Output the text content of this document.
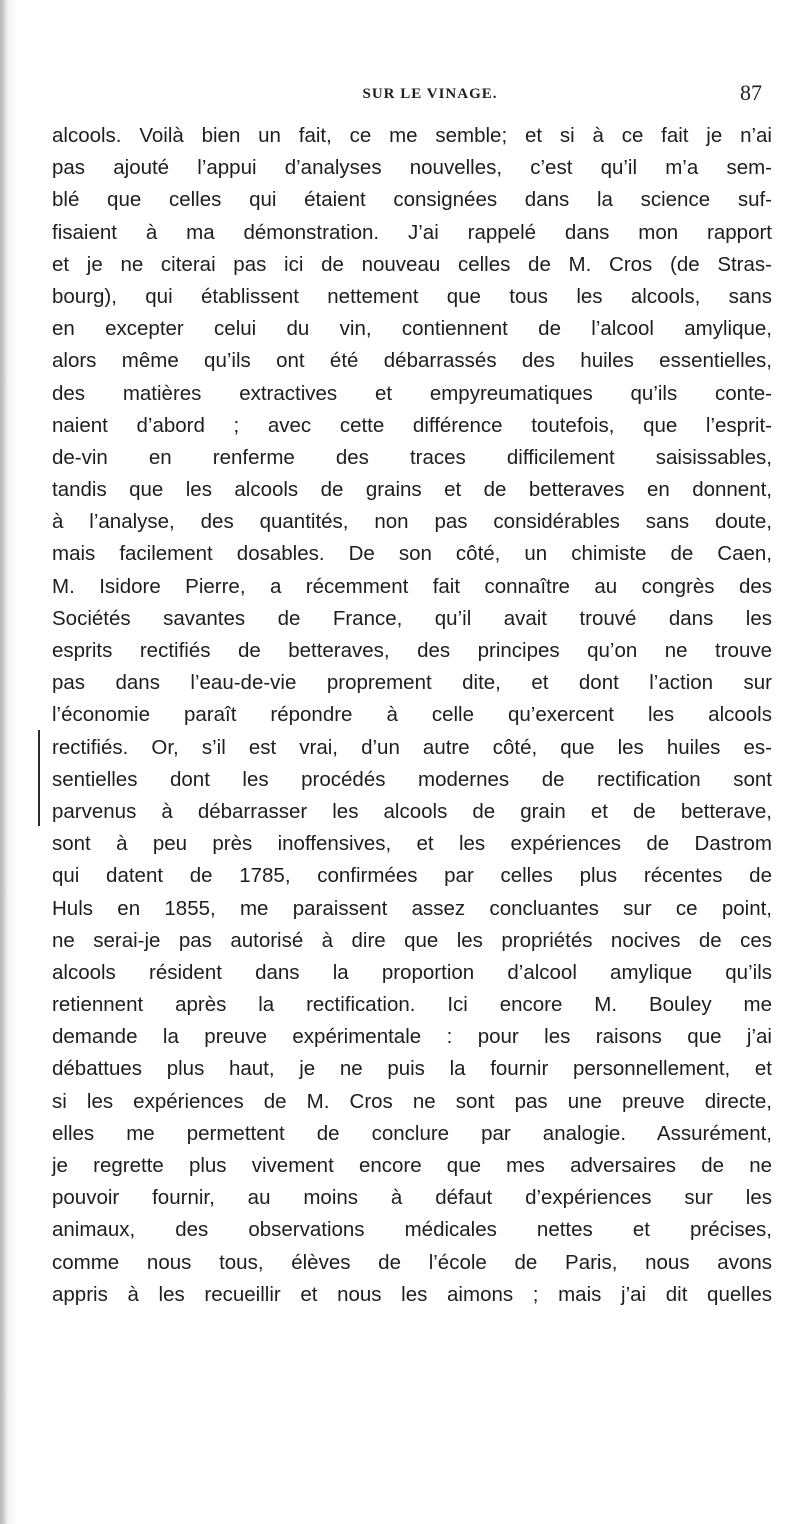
SUR LE VINAGE.	87
alcools. Voilà bien un fait, ce me semble; et si à ce fait je n’ai
pas ajouté l’appui d’analyses nouvelles, c’est qu’il m’a sem-
blé que celles qui étaient consignées dans la science suf-
fisaient à ma démonstration. J’ai rappelé dans mon rapport
et je ne citerai pas ici de nouveau celles de M. Cros (de Stras-
bourg), qui établissent nettement que tous les alcools, sans
en excepter celui du vin, contiennent de l’alcool amylique,
alors même qu’ils ont été débarrassés des huiles essentielles,
des matières extractives et empyreumatiques qu’ils conte-
naient d’abord ; avec cette différence toutefois, que l’esprit-
de-vin en renferme des traces difficilement saisissables,
tandis que les alcools de grains et de betteraves en donnent,
à l’analyse, des quantités, non pas considérables sans doute,
mais facilement dosables. De son côté, un chimiste de Caen,
M. Isidore Pierre, a récemment fait connaître au congrès des
Sociétés savantes de France, qu’il avait trouvé dans les
esprits rectifiés de betteraves, des principes qu’on ne trouve
pas dans l’eau-de-vie proprement dite, et dont l’action sur
l’économie paraît répondre à celle qu’exercent les alcools
rectifiés. Or, s’il est vrai, d’un autre côté, que les huiles es-
sentielles dont les procédés modernes de rectification sont
parvenus à débarrasser les alcools de grain et de betterave,
sont à peu près inoffensives, et les expériences de Dastrom
qui datent de 1785, confirmées par celles plus récentes de
Huls en 1855, me paraissent assez concluantes sur ce point,
ne serai-je pas autorisé à dire que les propriétés nocives de ces
alcools résident dans la proportion d’alcool amylique qu’ils
retiennent après la rectification. Ici encore M. Bouley me
demande la preuve expérimentale : pour les raisons que j’ai
débattues plus haut, je ne puis la fournir personnellement, et
si les expériences de M. Cros ne sont pas une preuve directe,
elles me permettent de conclure par analogie. Assurément,
je regrette plus vivement encore que mes adversaires de ne
pouvoir fournir, au moins à défaut d’expériences sur les
animaux, des observations médicales nettes et précises,
comme nous tous, élèves de l’école de Paris, nous avons
appris à les recueillir et nous les aimons ; mais j’ai dit quelles
